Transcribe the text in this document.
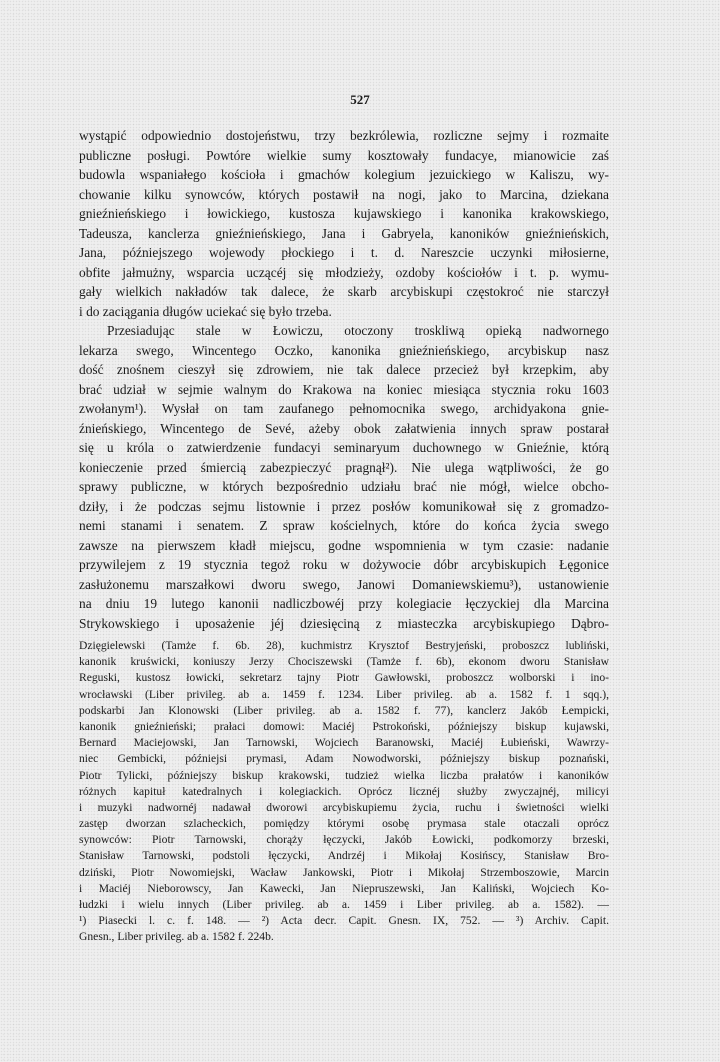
527
wystąpić odpowiednio dostojeństwu, trzy bezkrólewia, rozliczne sejmy i rozmaite
publiczne posługi. Powtóre wielkie sumy kosztowały fundacye, mianowicie zaś
budowla wspaniałego kościoła i gmachów kolegium jezuickiego w Kaliszu, wy-
chowanie kilku synowców, których postawił na nogi, jako to Marcina, dziekana
gnieźnieńskiego i łowickiego, kustosza kujawskiego i kanonika krakowskiego,
Tadeusza, kanclerza gnieźnieńskiego, Jana i Gabryela, kanoników gnieźnieńskich,
Jana, późniejszego wojewody płockiego i t. d. Nareszcie uczynki miłosierne,
obfite jałmużny, wsparcia uczącéj się młodzieży, ozdoby kościołów i t. p. wymu-
gały wielkich nakładów tak dalece, że skarb arcybiskupi częstokroć nie starczył
i do zaciągania długów uciekać się było trzeba.
Przesiadując stale w Łowiczu, otoczony troskliwą opieką nadwornego
lekarza swego, Wincentego Oczko, kanonika gnieźnieńskiego, arcybiskup nasz
dość znośnem cieszył się zdrowiem, nie tak dalece przecież był krzepkim, aby
brać udział w sejmie walnym do Krakowa na koniec miesiąca stycznia roku 1603
zwołanym¹). Wysłał on tam zaufanego pełnomocnika swego, archidyakona gnie-
źnieńskiego, Wincentego de Sevé, ażeby obok załatwienia innych spraw postarał
się u króla o zatwierdzenie fundacyi seminaryum duchownego w Gnieźnie, którą
konieczenie przed śmiercią zabezpieczyć pragnął²). Nie ulega wątpliwości, że go
sprawy publiczne, w których bezpośrednio udziału brać nie mógł, wielce obcho-
dziły, i że podczas sejmu listownie i przez posłów komunikował się z gromadzo-
nemi stanami i senatem. Z spraw kościelnych, które do końca życia swego
zawsze na pierwszem kładł miejscu, godne wspomnienia w tym czasie: nadanie
przywilejem z 19 stycznia tegoż roku w dożywocie dóbr arcybiskupich Łęgonice
zasłużonemu marszałkowi dworu swego, Janowi Domaniewskiemu³), ustanowienie
na dniu 19 lutego kanonii nadliczbowéj przy kolegiacie łęczyckiej dla Marcina
Strykowskiego i uposażenie jéj dziesięciną z miasteczka arcybiskupiego Dąbro-
Dzięgielewski (Tamże f. 6b. 28), kuchmistrz Krysztof Bestryjeński, proboszcz lubliński,
kanonik kruświcki, koniuszy Jerzy Chociszewski (Tamże f. 6b), ekonom dworu Stanisław
Reguski, kustosz łowicki, sekretarz tajny Piotr Gawłowski, proboszcz wolborski i ino-
wrocławski (Liber privileg. ab a. 1459 f. 1234. Liber privileg. ab a. 1582 f. 1 sqq.),
podskarbi Jan Klonowski (Liber privileg. ab a. 1582 f. 77), kanclerz Jakób Łempicki,
kanonik gnieźnieński; prałaci domowi: Maciéj Pstrokoński, późniejszy biskup kujawski,
Bernard Maciejowski, Jan Tarnowski, Wojciech Baranowski, Maciéj Łubieński, Wawrzy-
niec Gembicki, późniejsi prymasi, Adam Nowodworski, późniejszy biskup poznański,
Piotr Tylicki, późniejszy biskup krakowski, tudzież wielka liczba prałatów i kanoników
różnych kapituł katedralnych i kolegiackich. Oprócz licznéj służby zwyczajnéj, milicyi
i muzyki nadwornéj nadawał dworowi arcybiskupiemu życia, ruchu i świetności wielki
zastęp dworzan szlacheckich, pomiędzy którymi osobę prymasa stale otaczali oprócz
synowców: Piotr Tarnowski, chorąży łęczycki, Jakób Łowicki, podkomorzy brzeski,
Stanisław Tarnowski, podstoli łęczycki, Andrzéj i Mikołaj Kosińscy, Stanisław Bro-
dziński, Piotr Nowomiejski, Wacław Jankowski, Piotr i Mikołaj Strzemboszowie, Marcin
i Maciéj Nieborowscy, Jan Kawecki, Jan Niepruszewski, Jan Kaliński, Wojciech Ko-
łudzki i wielu innych (Liber privileg. ab a. 1459 i Liber privileg. ab a. 1582). —
¹) Piasecki l. c. f. 148. — ²) Acta decr. Capit. Gnesn. IX, 752. — ³) Archiv. Capit.
Gnesn., Liber privileg. ab a. 1582 f. 224b.
